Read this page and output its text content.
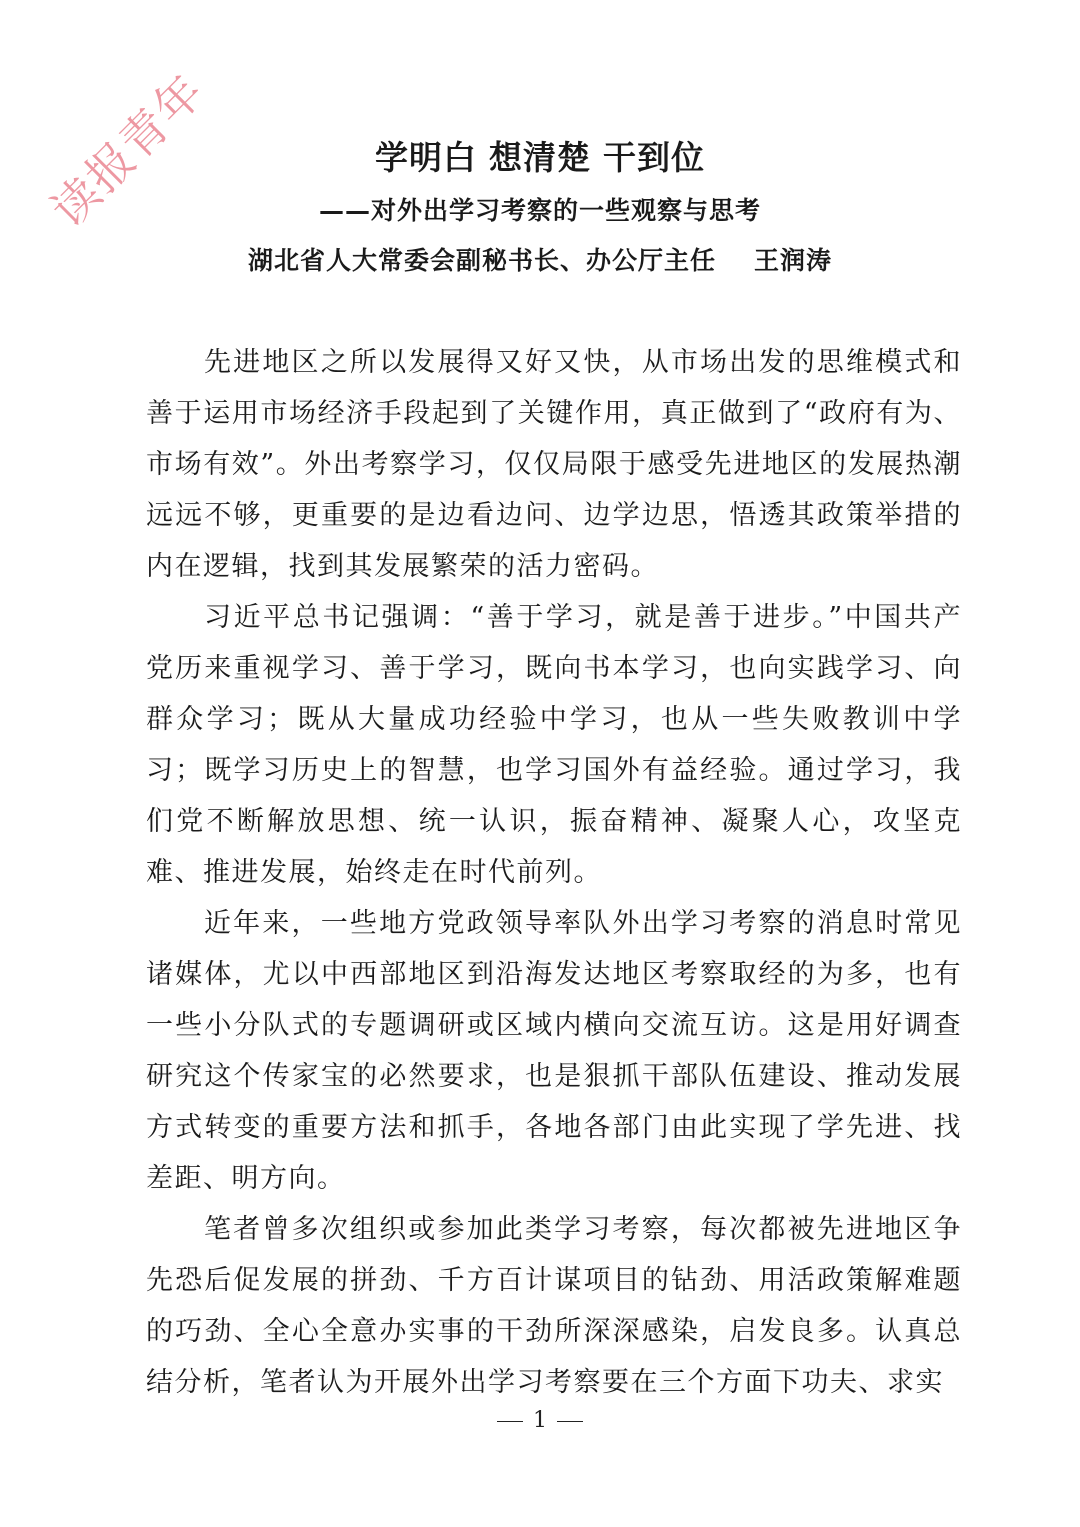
读报青年	学明白 想清楚 干到位

——对外出学习考察的一些观察与思考

湖北省人大常委会副秘书长、办公厅主任 王润涛

先进地区之所以发展得又好又快，从市场出发的思维模式和善于运用市场经济手段起到了关键作用，真正做到了“政府有为、市场有效”。外出考察学习，仅仅局限于感受先进地区的发展热潮远远不够，更重要的是边看边问、边学边思，悟透其政策举措的内在逻辑，找到其发展繁荣的活力密码。

习近平总书记强调：“善于学习，就是善于进步。”中国共产党历来重视学习、善于学习，既向书本学习，也向实践学习、向群众学习；既从大量成功经验中学习，也从一些失败教训中学习；既学习历史上的智慧，也学习国外有益经验。通过学习，我们党不断解放思想、统一认识，振奋精神、凝聚人心，攻坚克难、推进发展，始终走在时代前列。

近年来，一些地方党政领导率队外出学习考察的消息时常见诸媒体，尤以中西部地区到沿海发达地区考察取经的为多，也有一些小分队式的专题调研或区域内横向交流互访。这是用好调查研究这个传家宝的必然要求，也是狠抓干部队伍建设、推动发展方式转变的重要方法和抓手，各地各部门由此实现了学先进、找差距、明方向。

笔者曾多次组织或参加此类学习考察，每次都被先进地区争先恐后促发展的拼劲、千方百计谋项目的钻劲、用活政策解难题的巧劲、全心全意办实事的干劲所深深感染，启发良多。认真总结分析，笔者认为开展外出学习考察要在三个方面下功夫、求实

1
